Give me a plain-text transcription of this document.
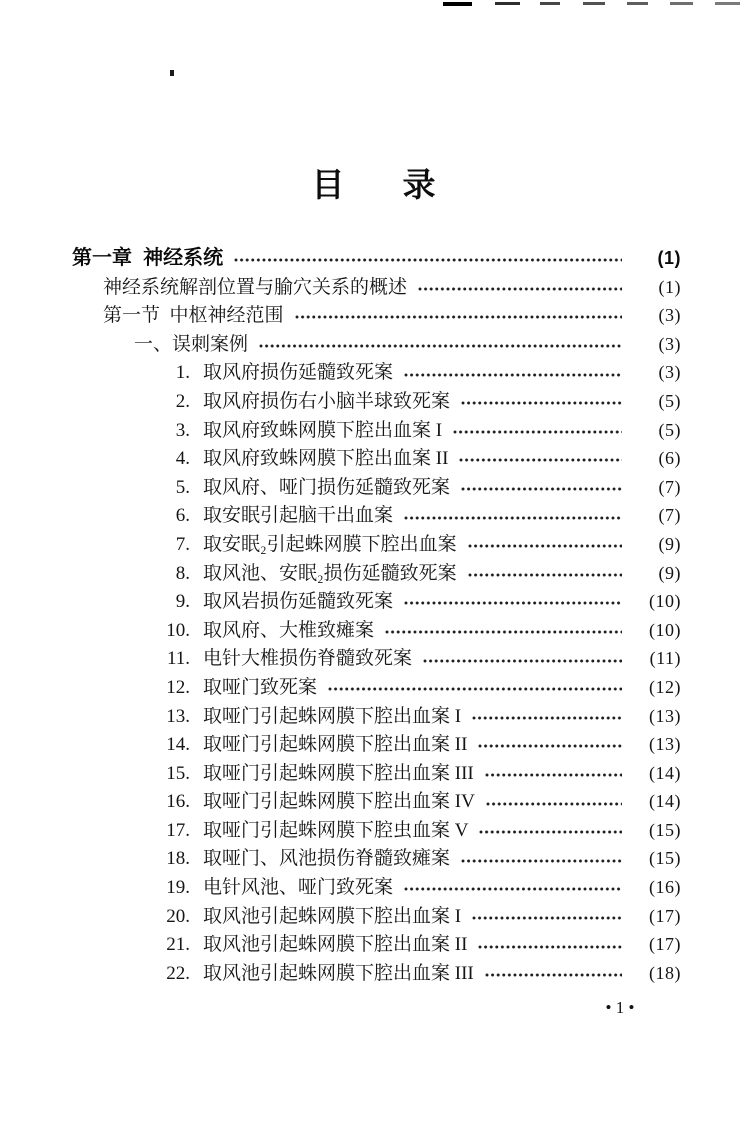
目 录
第一章  神经系统	(1)
神经系统解剖位置与腧穴关系的概述	(1)
第一节  中枢神经范围	(3)
一、误刺案例	(3)
1. 取风府损伤延髓致死案	(3)
2. 取风府损伤右小脑半球致死案	(5)
3. 取风府致蛛网膜下腔出血案 I	(5)
4. 取风府致蛛网膜下腔出血案 II	(6)
5. 取风府、哑门损伤延髓致死案	(7)
6. 取安眠引起脑干出血案	(7)
7. 取安眠₂引起蛛网膜下腔出血案	(9)
8. 取风池、安眠₂损伤延髓致死案	(9)
9. 取风岩损伤延髓致死案	(10)
10. 取风府、大椎致瘫案	(10)
11. 电针大椎损伤脊髓致死案	(11)
12. 取哑门致死案	(12)
13. 取哑门引起蛛网膜下腔出血案 I	(13)
14. 取哑门引起蛛网膜下腔出血案 II	(13)
15. 取哑门引起蛛网膜下腔出血案 III	(14)
16. 取哑门引起蛛网膜下腔出血案 IV	(14)
17. 取哑门引起蛛网膜下腔虫血案 V	(15)
18. 取哑门、风池损伤脊髓致瘫案	(15)
19. 电针风池、哑门致死案	(16)
20. 取风池引起蛛网膜下腔出血案 I	(17)
21. 取风池引起蛛网膜下腔出血案 II	(17)
22. 取风池引起蛛网膜下腔出血案 III	(18)
• 1 •
